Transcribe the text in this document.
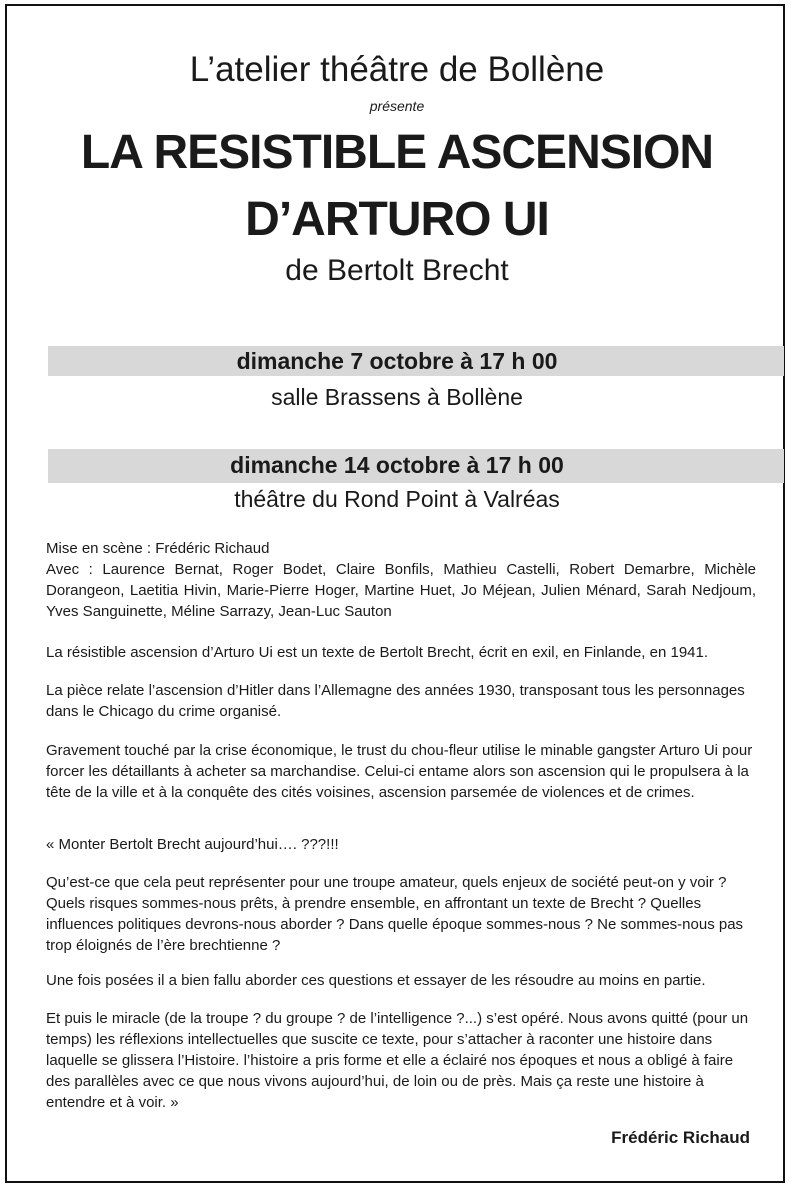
L’atelier théâtre de Bollène
présente
LA RESISTIBLE ASCENSION
D’ARTURO UI
de Bertolt Brecht
dimanche 7 octobre à 17 h 00
salle Brassens à Bollène
dimanche 14 octobre à 17 h 00
théâtre du Rond Point à Valréas

Mise en scène : Frédéric Richaud

Avec : Laurence Bernat, Roger Bodet, Claire Bonfils, Mathieu Castelli, Robert Demarbre, Michèle Dorangeon, Laetitia Hivin, Marie-Pierre Hoger, Martine Huet, Jo Méjean, Julien Ménard, Sarah Nedjoum, Yves Sanguinette, Méline Sarrazy, Jean-Luc Sauton

La résistible ascension d’Arturo Ui est un texte de Bertolt Brecht, écrit en exil, en Finlande, en 1941.

La pièce relate l’ascension d’Hitler dans l’Allemagne des années 1930, transposant tous les personnages dans le Chicago du crime organisé.

Gravement touché par la crise économique, le trust du chou-fleur utilise le minable gangster Arturo Ui pour forcer les détaillants à acheter sa marchandise. Celui-ci entame alors son ascension qui le propulsera à la tête de la ville et à la conquête des cités voisines, ascension parsemée de violences et de crimes.

« Monter Bertolt Brecht aujourd’hui…. ???!!!

Qu’est-ce que cela peut représenter pour une troupe amateur, quels enjeux de société peut-on y voir ? Quels risques sommes-nous prêts, à prendre ensemble, en affrontant un texte de Brecht ? Quelles influences politiques devrons-nous aborder ? Dans quelle époque sommes-nous ? Ne sommes-nous pas trop éloignés de l’ère brechtienne ?

Une fois posées il a bien fallu aborder ces questions et essayer de les résoudre au moins en partie.

Et puis le miracle (de la troupe ? du groupe ? de l’intelligence ?...) s’est opéré. Nous avons quitté (pour un temps) les réflexions intellectuelles que suscite ce texte, pour s’attacher à raconter une histoire dans laquelle se glissera l’Histoire. l’histoire a pris forme et elle a éclairé nos époques et nous a obligé à faire des parallèles avec ce que nous vivons aujourd’hui, de loin ou de près. Mais ça reste une histoire à entendre et à voir. »

Frédéric Richaud
